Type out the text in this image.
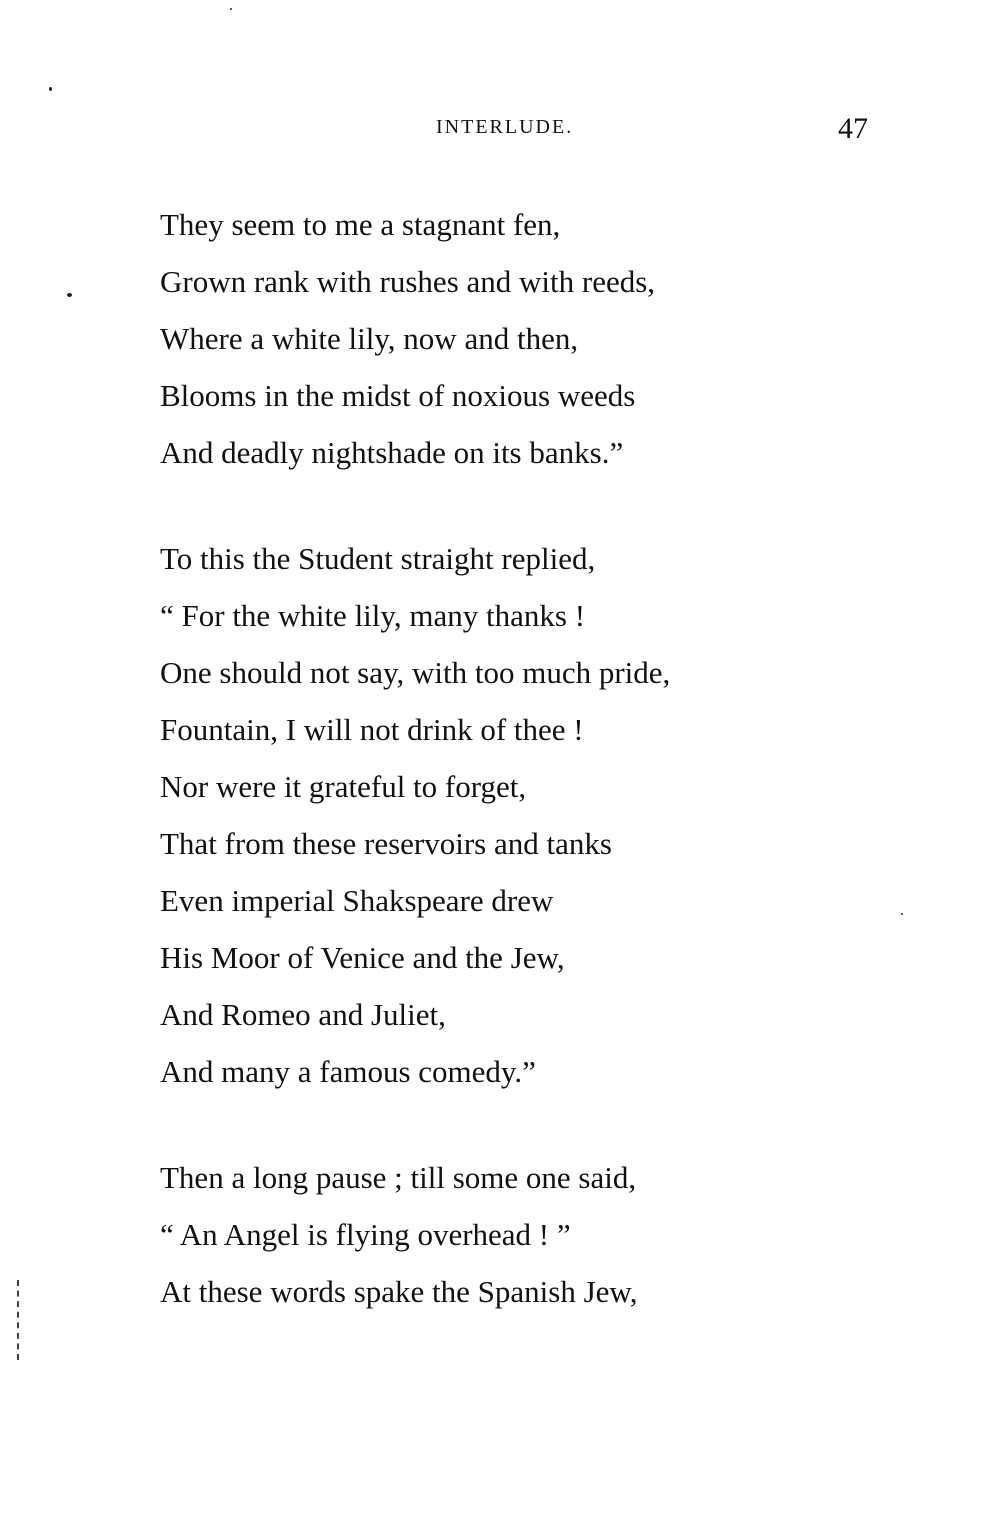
INTERLUDE.	47
They seem to me a stagnant fen,
Grown rank with rushes and with reeds,
Where a white lily, now and then,
Blooms in the midst of noxious weeds
And deadly nightshade on its banks.”
To this the Student straight replied,
“ For the white lily, many thanks !
One should not say, with too much pride,
Fountain, I will not drink of thee !
Nor were it grateful to forget,
That from these reservoirs and tanks
Even imperial Shakspeare drew
His Moor of Venice and the Jew,
And Romeo and Juliet,
And many a famous comedy.”
Then a long pause ; till some one said,
“ An Angel is flying overhead ! ”
At these words spake the Spanish Jew,
